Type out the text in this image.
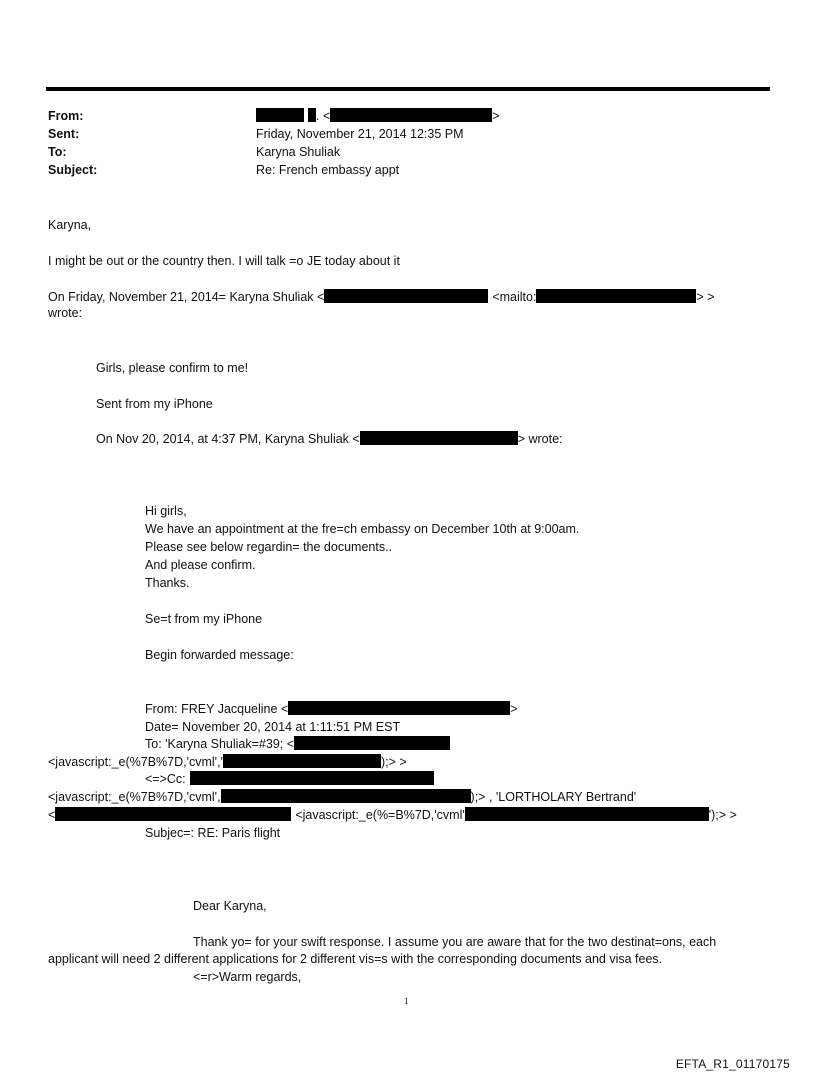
From:	. <	>
Sent:	Friday, November 21, 2014 12:35 PM
To:	Karyna Shuliak
Subject:	Re: French embassy appt
Karyna,
I might be out or the country then. I will talk =o JE today about it
On Friday, November 21, 2014= Karyna Shuliak <	<mailto:	> >
wrote:
Girls, please confirm to me!
Sent from my iPhone
On Nov 20, 2014, at 4:37 PM, Karyna Shuliak <	> wrote:
Hi girls,
We have an appointment at the fre=ch embassy on December 10th at 9:00am.
Please see below regardin= the documents..
And please confirm.
Thanks.
Se=t from my iPhone
Begin forwarded message:
From: FREY Jacqueline <	>
Date= November 20, 2014 at 1:11:51 PM EST
To: 'Karyna Shuliak=#39; <
<javascript:_e(%7B%7D,'cvml','	);> >
<=>Cc:
<javascript:_e(%7B%7D,'cvml',	);> , 'LORTHOLARY Bertrand'
<	<javascript:_e(%=B%7D,'cvml'	');> >
Subjec=: RE: Paris flight
Dear Karyna,
Thank yo= for your swift response. I assume you are aware that for the two destinat=ons, each
applicant will need 2 different applications for 2 different vis=s with the corresponding documents and visa fees.
<=r>Warm regards,
1
EFTA_R1_01170175
